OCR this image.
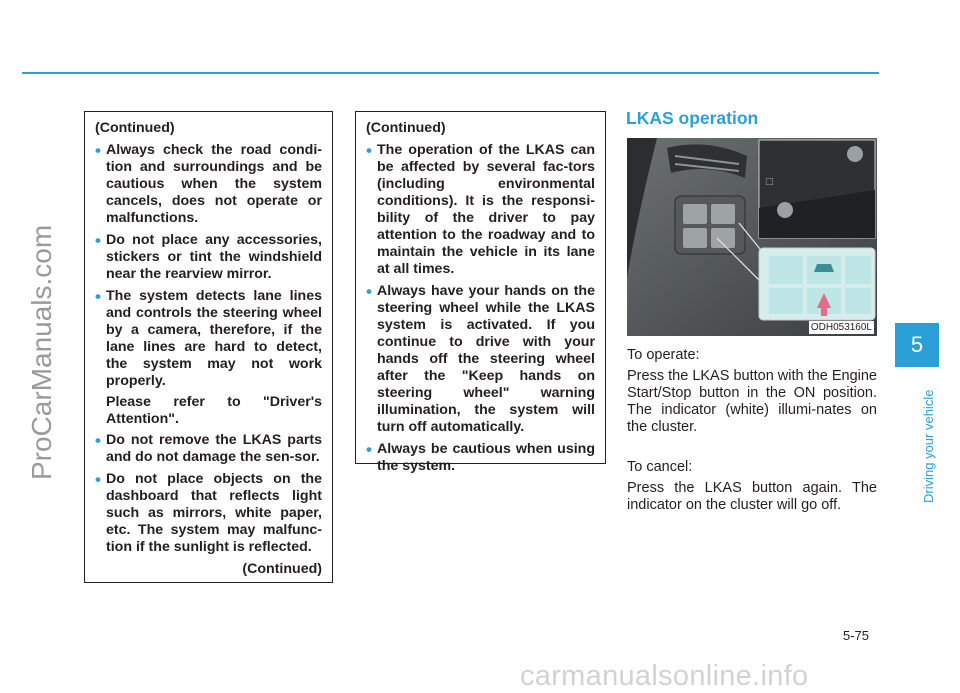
ProCarManuals.com
(Continued)
• Always check the road condi-tion and surroundings and be cautious when the system cancels, does not operate or malfunctions.
• Do not place any accessories, stickers or tint the windshield near the rearview mirror.
• The system detects lane lines and controls the steering wheel by a camera, therefore, if the lane lines are hard to detect, the system may not work properly.
Please refer to "Driver's Attention".
• Do not remove the LKAS parts and do not damage the sen-sor.
• Do not place objects on the dashboard that reflects light such as mirrors, white paper, etc. The system may malfunc-tion if the sunlight is reflected.
(Continued)
(Continued)
• The operation of the LKAS can be affected by several fac-tors (including environmental conditions). It is the responsi-bility of the driver to pay attention to the roadway and to maintain the vehicle in its lane at all times.
• Always have your hands on the steering wheel while the LKAS system is activated. If you continue to drive with your hands off the steering wheel after the "Keep hands on steering wheel" warning illumination, the system will turn off automatically.
• Always be cautious when using the system.
LKAS operation
□
ODH053160L
To operate:
Press the LKAS button with the Engine Start/Stop button in the ON position. The indicator (white) illumi-nates on the cluster.
To cancel:
Press the LKAS button again. The indicator on the cluster will go off.
5
Driving your vehicle
5-75
carmanualsonline.info
